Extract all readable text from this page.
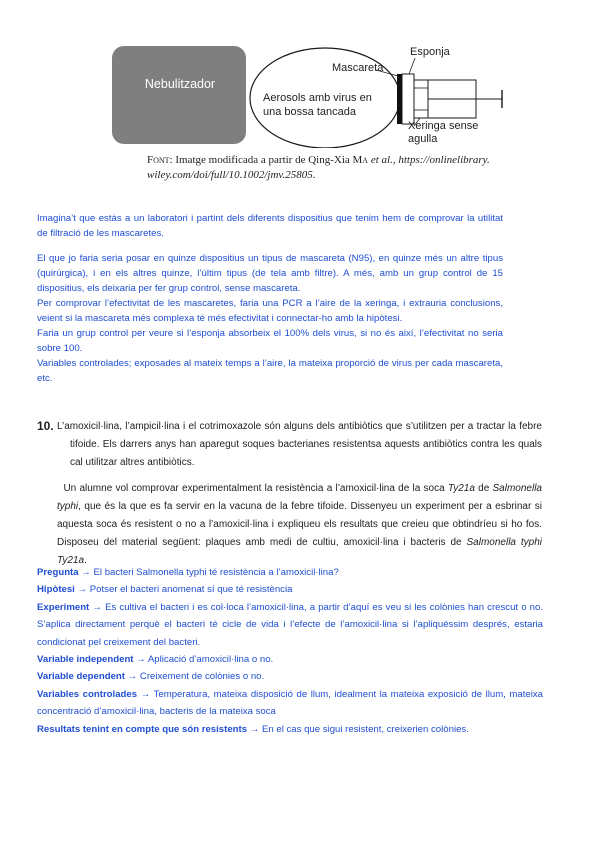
Nebulitzador
Mascareta
Esponja
Aerosols amb virus en
una bossa tancada
Xeringa sense
agulla
Font: Imatge modificada a partir de Qing-Xia Ma et al., https://onlinelibrary.
wiley.com/doi/full/10.1002/jmv.25805.

Imagina’t que estàs a un laboratori i partint dels diferents dispositius que tenim hem de comprovar la utilitat de filtració de les mascaretes.

El que jo faria seria posar en quinze dispositius un tipus de mascareta (N95), en quinze més un altre tipus (quirúrgica), i en els altres quinze, l’últim tipus (de tela amb filtre). A més, amb un grup control de 15 dispositius, els deixaria per fer grup control, sense mascareta.

Per comprovar l’efectivitat de les mascaretes, faria una PCR a l’aire de la xeringa, i extrauria conclusions, veient si la mascareta més complexa té més efectivitat i connectar-ho amb la hipòtesi.

Faria un grup control per veure si l’esponja absorbeix el 100% dels virus, si no és així, l’efectivitat no seria sobre 100.

Variables controlades; exposades al mateix temps a l’aire, la mateixa proporció de virus per cada mascareta, etc.

10. L’amoxicil·lina, l’ampicil·lina i el cotrimoxazole són alguns dels antibiòtics que s’utilitzen per a tractar la febre tifoide. Els darrers anys han aparegut soques bacterianes resistentsa aquests antibiòtics contra les quals cal utilitzar altres antibiòtics.
Un alumne vol comprovar experimentalment la resistència a l’amoxicil·lina de la soca Ty21a de Salmonella typhi, que és la que es fa servir en la vacuna de la febre tifoide. Dissenyeu un experiment per a esbrinar si aquesta soca és resistent o no a l’amoxicil·lina i expliqueu els resultats que creieu que obtindríeu si ho fos. Disposeu del material següent: plaques amb medi de cultiu, amoxicil·lina i bacteris de Salmonella typhi Ty21a.

Pregunta → El bacteri Salmonella typhi té resistència a l’amoxicil·lina?

Hipòtesi → Potser el bacteri anomenat sí que té resistència

Experiment → Es cultiva el bacteri i es col·loca l’amoxicil·lina, a partir d’aquí es veu si les colònies han crescut o no. S’aplica directament perquè el bacteri té cicle de vida i l’efecte de l’amoxicil·lina si l’apliquéssim després, estaria condicionat pel creixement del bacteri.

Variable independent → Aplicació d’amoxicil·lina o no.

Variable dependent → Creixement de colònies o no.

Variables controlades → Temperatura, mateixa disposició de llum, idealment la mateixa exposició de llum, mateixa concentració d’amoxicil·lina, bacteris de la mateixa soca

Resultats tenint en compte que són resistents → En el cas que sigui resistent, creixerien colònies.
